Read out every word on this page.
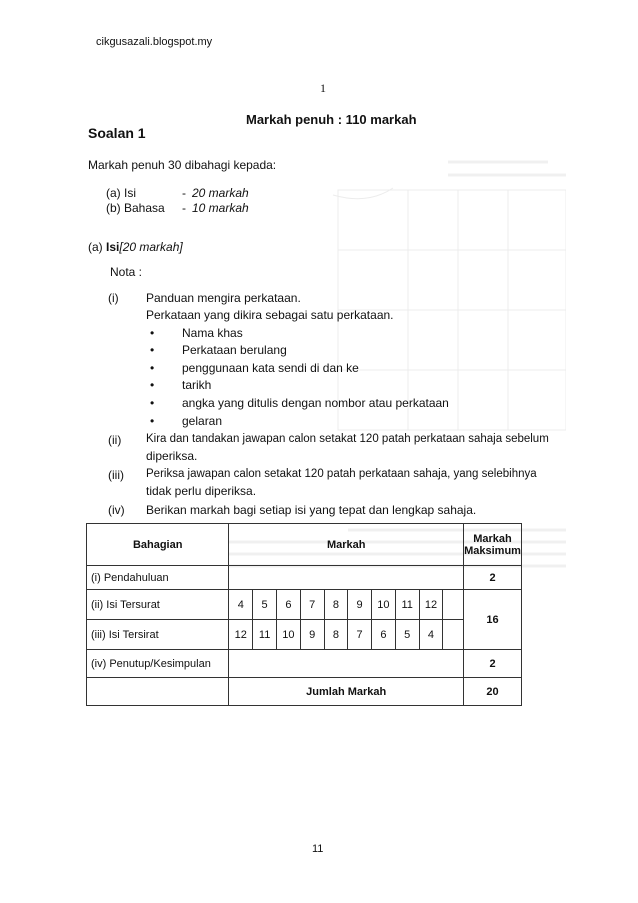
cikgusazali.blogspot.my
1
Markah penuh : 110 markah
Soalan 1
Markah penuh 30 dibahagi kepada:
(a) Isi	- 20 markah
(b) Bahasa - 10 markah
(a) Isi[20 markah]
Nota :
(i) Panduan mengira perkataan.
Perkataan yang dikira sebagai satu perkataan.
• Nama khas
• Perkataan berulang
• penggunaan kata sendi di dan ke
• tarikh
• angka yang ditulis dengan nombor atau perkataan
• gelaran
(ii) Kira dan tandakan jawapan calon setakat 120 patah perkataan sahaja sebelum
diperiksa.
(iii) Periksa jawapan calon setakat 120 patah perkataan sahaja, yang selebihnya
tidak perlu diperiksa.
(iv) Berikan markah bagi setiap isi yang tepat dan lengkap sahaja.
Bahagian	Markah										Markah
Maksimum

(i) Pendahuluan											2
(ii) Isi Tersurat	4	5	6	7	8	9	10	11	12		16
(iii) Isi Tersirat	12	11	10	9	8	7	6	5	4		
(iv) Penutup/Kesimpulan											2
	Jumlah Markah										20
11
